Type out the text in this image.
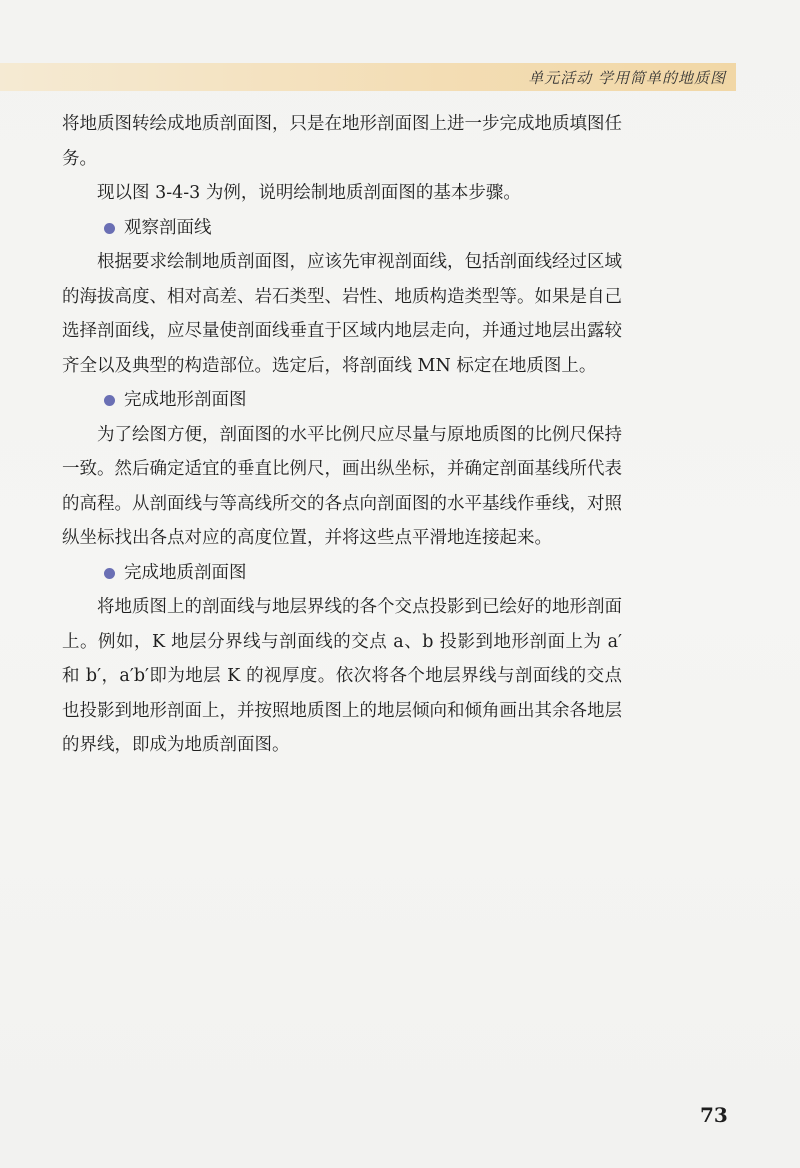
单元活动 学用简单的地质图

将地质图转绘成地质剖面图，只是在地形剖面图上进一步完成地质填图任务。

现以图 3-4-3 为例，说明绘制地质剖面图的基本步骤。

观察剖面线

根据要求绘制地质剖面图，应该先审视剖面线，包括剖面线经过区域的海拔高度、相对高差、岩石类型、岩性、地质构造类型等。如果是自己选择剖面线，应尽量使剖面线垂直于区域内地层走向，并通过地层出露较齐全以及典型的构造部位。选定后，将剖面线 MN 标定在地质图上。

完成地形剖面图

为了绘图方便，剖面图的水平比例尺应尽量与原地质图的比例尺保持一致。然后确定适宜的垂直比例尺，画出纵坐标，并确定剖面基线所代表的高程。从剖面线与等高线所交的各点向剖面图的水平基线作垂线，对照纵坐标找出各点对应的高度位置，并将这些点平滑地连接起来。

完成地质剖面图

将地质图上的剖面线与地层界线的各个交点投影到已绘好的地形剖面上。例如，K 地层分界线与剖面线的交点 a、b 投影到地形剖面上为 a′和 b′，a′b′即为地层 K 的视厚度。依次将各个地层界线与剖面线的交点也投影到地形剖面上，并按照地质图上的地层倾向和倾角画出其余各地层的界线，即成为地质剖面图。

73
